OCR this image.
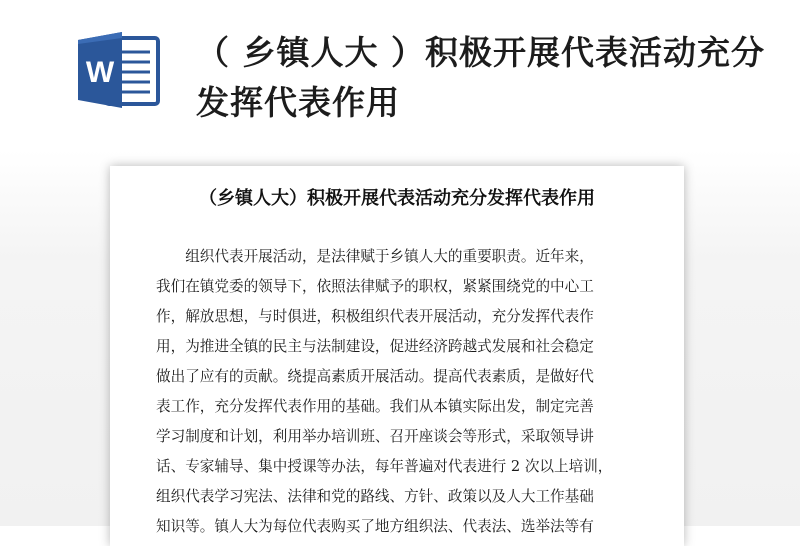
W
（ 乡镇人大 ）积极开展代表活动充分发挥代表作用
（乡镇人大）积极开展代表活动充分发挥代表作用

　　组织代表开展活动，是法律赋于乡镇人大的重要职责。近年来，
我们在镇党委的领导下，依照法律赋予的职权，紧紧围绕党的中心工
作，解放思想，与时俱进，积极组织代表开展活动，充分发挥代表作
用，为推进全镇的民主与法制建设，促进经济跨越式发展和社会稳定
做出了应有的贡献。绕提高素质开展活动。提高代表素质，是做好代
表工作，充分发挥代表作用的基础。我们从本镇实际出发，制定完善
学习制度和计划，利用举办培训班、召开座谈会等形式，采取领导讲
话、专家辅导、集中授课等办法，每年普遍对代表进行 2 次以上培训，
组织代表学习宪法、法律和党的路线、方针、政策以及人大工作基础
知识等。镇人大为每位代表购买了地方组织法、代表法、选举法等有
